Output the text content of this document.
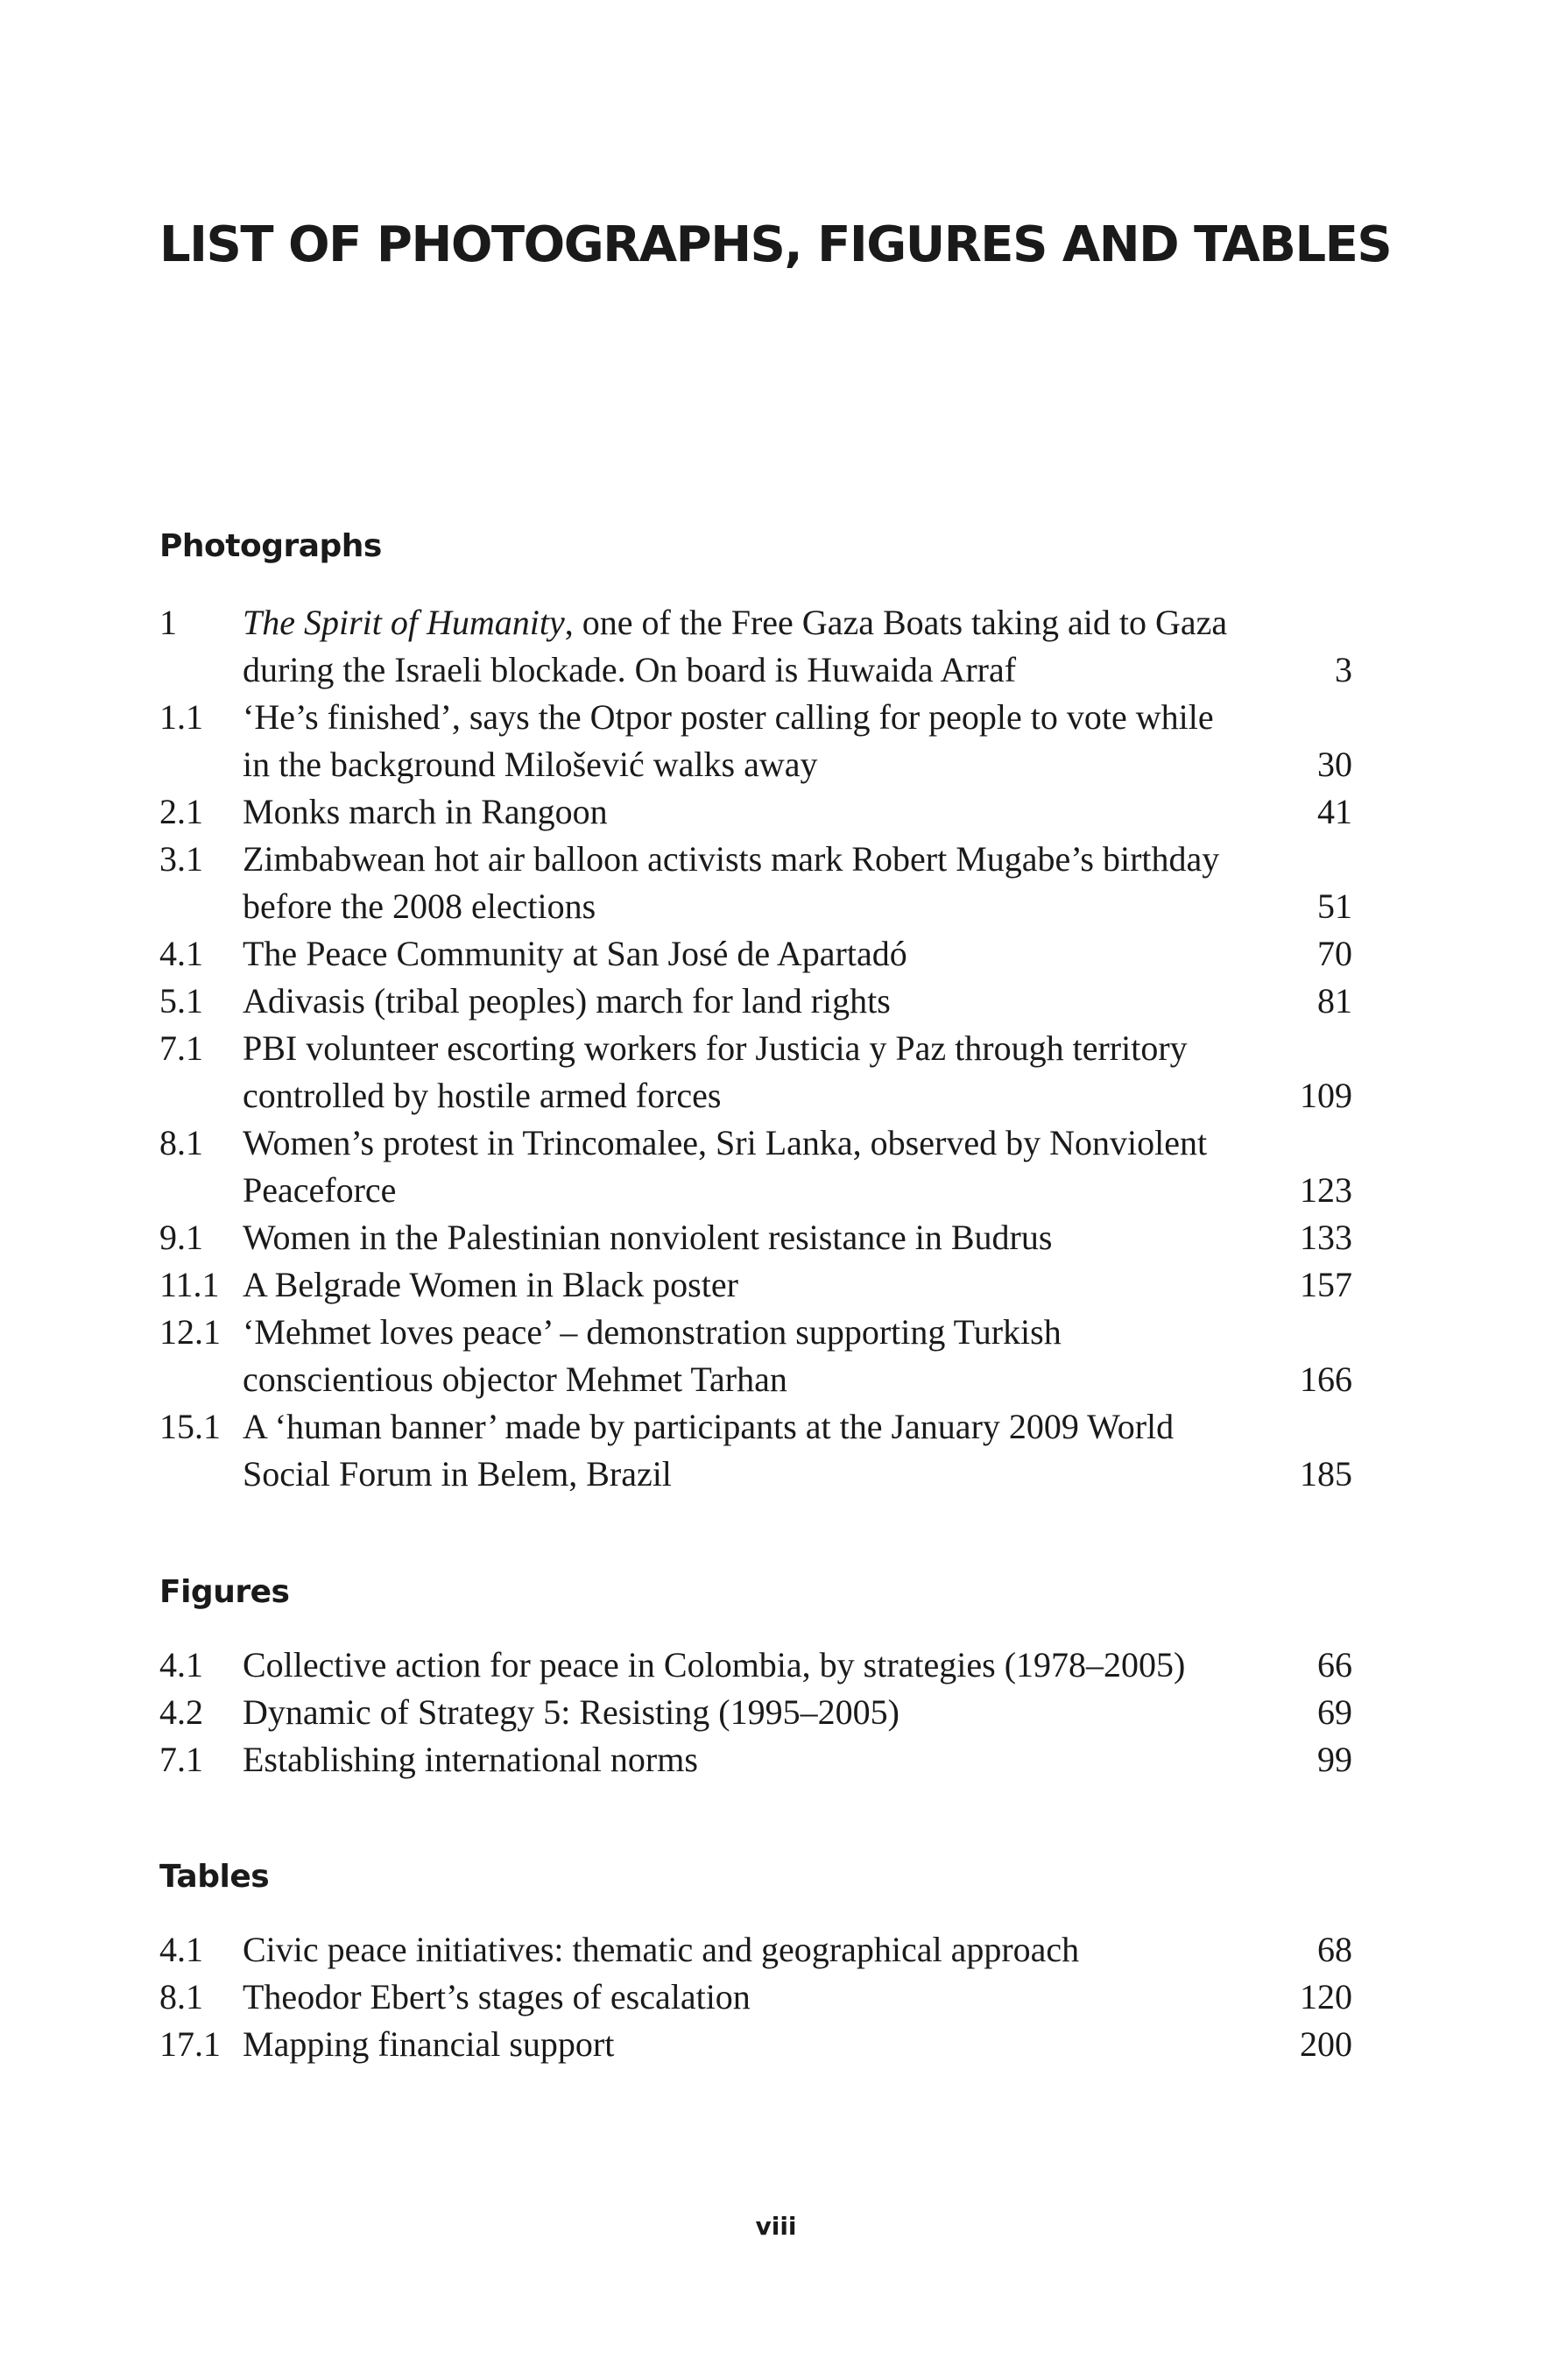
LIST OF PHOTOGRAPHS, FIGURES AND TABLES
Photographs
1	The Spirit of Humanity, one of the Free Gaza Boats taking aid to Gaza during the Israeli blockade. On board is Huwaida Arraf	3
1.1	‘He’s finished’, says the Otpor poster calling for people to vote while in the background Milošević walks away	30
2.1	Monks march in Rangoon	41
3.1	Zimbabwean hot air balloon activists mark Robert Mugabe’s birthday before the 2008 elections	51
4.1	The Peace Community at San José de Apartadó	70
5.1	Adivasis (tribal peoples) march for land rights	81
7.1	PBI volunteer escorting workers for Justicia y Paz through territory controlled by hostile armed forces	109
8.1	Women’s protest in Trincomalee, Sri Lanka, observed by Nonviolent Peaceforce	123
9.1	Women in the Palestinian nonviolent resistance in Budrus	133
11.1 A Belgrade Women in Black poster	157
12.1 ‘Mehmet loves peace’ – demonstration supporting Turkish conscientious objector Mehmet Tarhan	166
15.1 A ‘human banner’ made by participants at the January 2009 World Social Forum in Belem, Brazil	185
Figures
4.1	Collective action for peace in Colombia, by strategies (1978–2005)	66
4.2	Dynamic of Strategy 5: Resisting (1995–2005)	69
7.1	Establishing international norms	99
Tables
4.1	Civic peace initiatives: thematic and geographical approach	68
8.1	Theodor Ebert’s stages of escalation	120
17.1 Mapping financial support	200
viii
